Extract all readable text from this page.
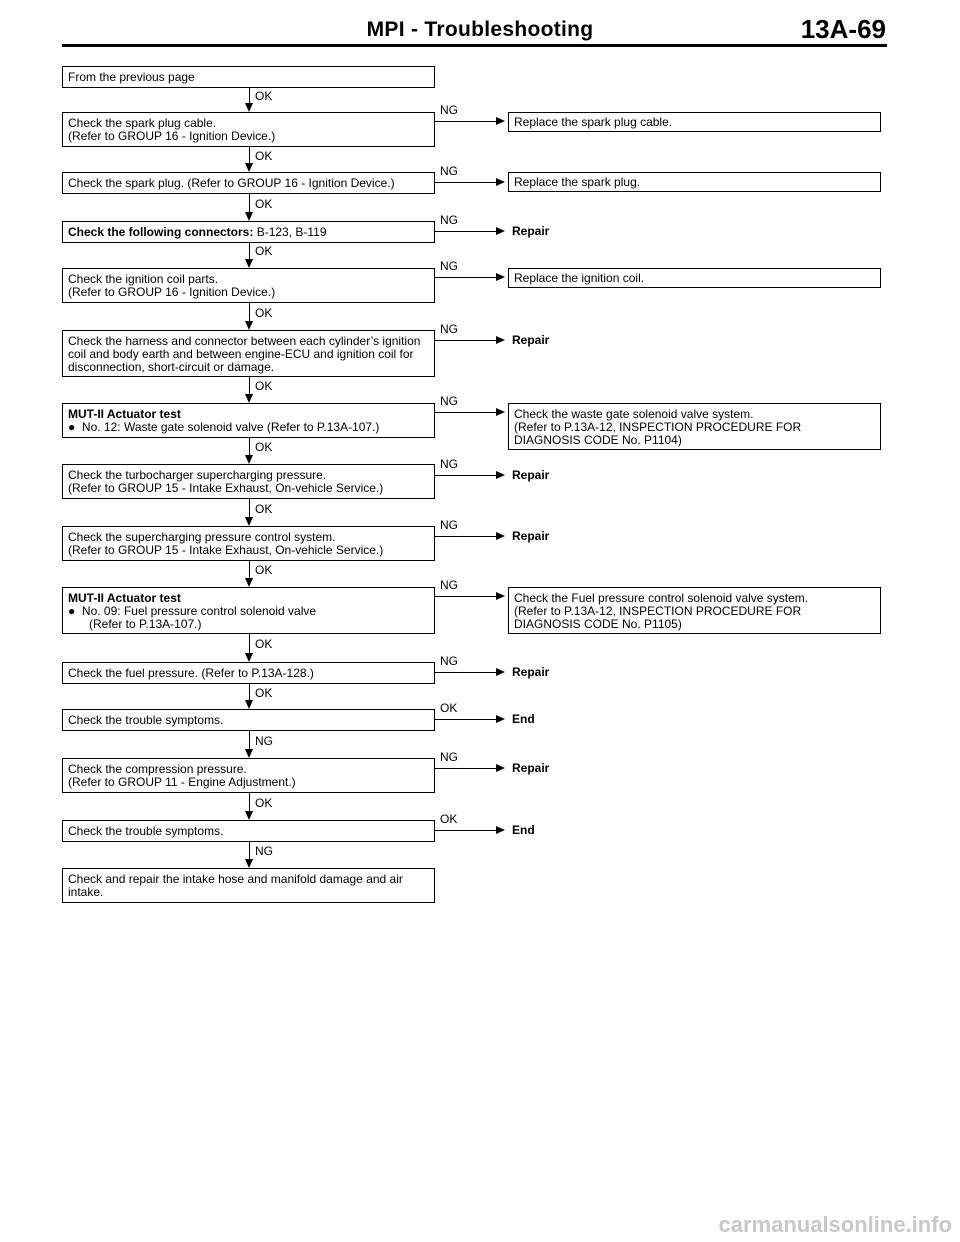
MPI - Troubleshooting	13A-69
From the previous page
Check the spark plug cable.
(Refer to GROUP 16 - Ignition Device.)
Check the spark plug. (Refer to GROUP 16 - Ignition Device.)
Check the following connectors: B-123, B-119
Check the ignition coil parts.
(Refer to GROUP 16 - Ignition Device.)
Check the harness and connector between each cylinder’s ignition
coil and body earth and between engine-ECU and ignition coil for
disconnection, short-circuit or damage.
MUT-II Actuator test
● No. 12: Waste gate solenoid valve (Refer to P.13A-107.)
Check the turbocharger supercharging pressure.
(Refer to GROUP 15 - Intake Exhaust, On-vehicle Service.)
Check the supercharging pressure control system.
(Refer to GROUP 15 - Intake Exhaust, On-vehicle Service.)
MUT-II Actuator test
● No. 09: Fuel pressure control solenoid valve
(Refer to P.13A-107.)
Check the fuel pressure. (Refer to P.13A-128.)
Check the trouble symptoms.
Check the compression pressure.
(Refer to GROUP 11 - Engine Adjustment.)
Check the trouble symptoms.
Check and repair the intake hose and manifold damage and air
intake.
OK
OK
OK
OK
OK
OK
OK
OK
OK
OK
OK
NG
OK
NG
NG
NG
NG
NG
NG
NG
NG
NG
NG
NG
OK
NG
OK
Replace the spark plug cable.
Replace the spark plug.
Repair
Replace the ignition coil.
Repair
Check the waste gate solenoid valve system.
(Refer to P.13A-12, INSPECTION PROCEDURE FOR
DIAGNOSIS CODE No. P1104)
Repair
Repair
Check the Fuel pressure control solenoid valve system.
(Refer to P.13A-12, INSPECTION PROCEDURE FOR
DIAGNOSIS CODE No. P1105)
Repair
End
Repair
End
carmanualsonline.info
